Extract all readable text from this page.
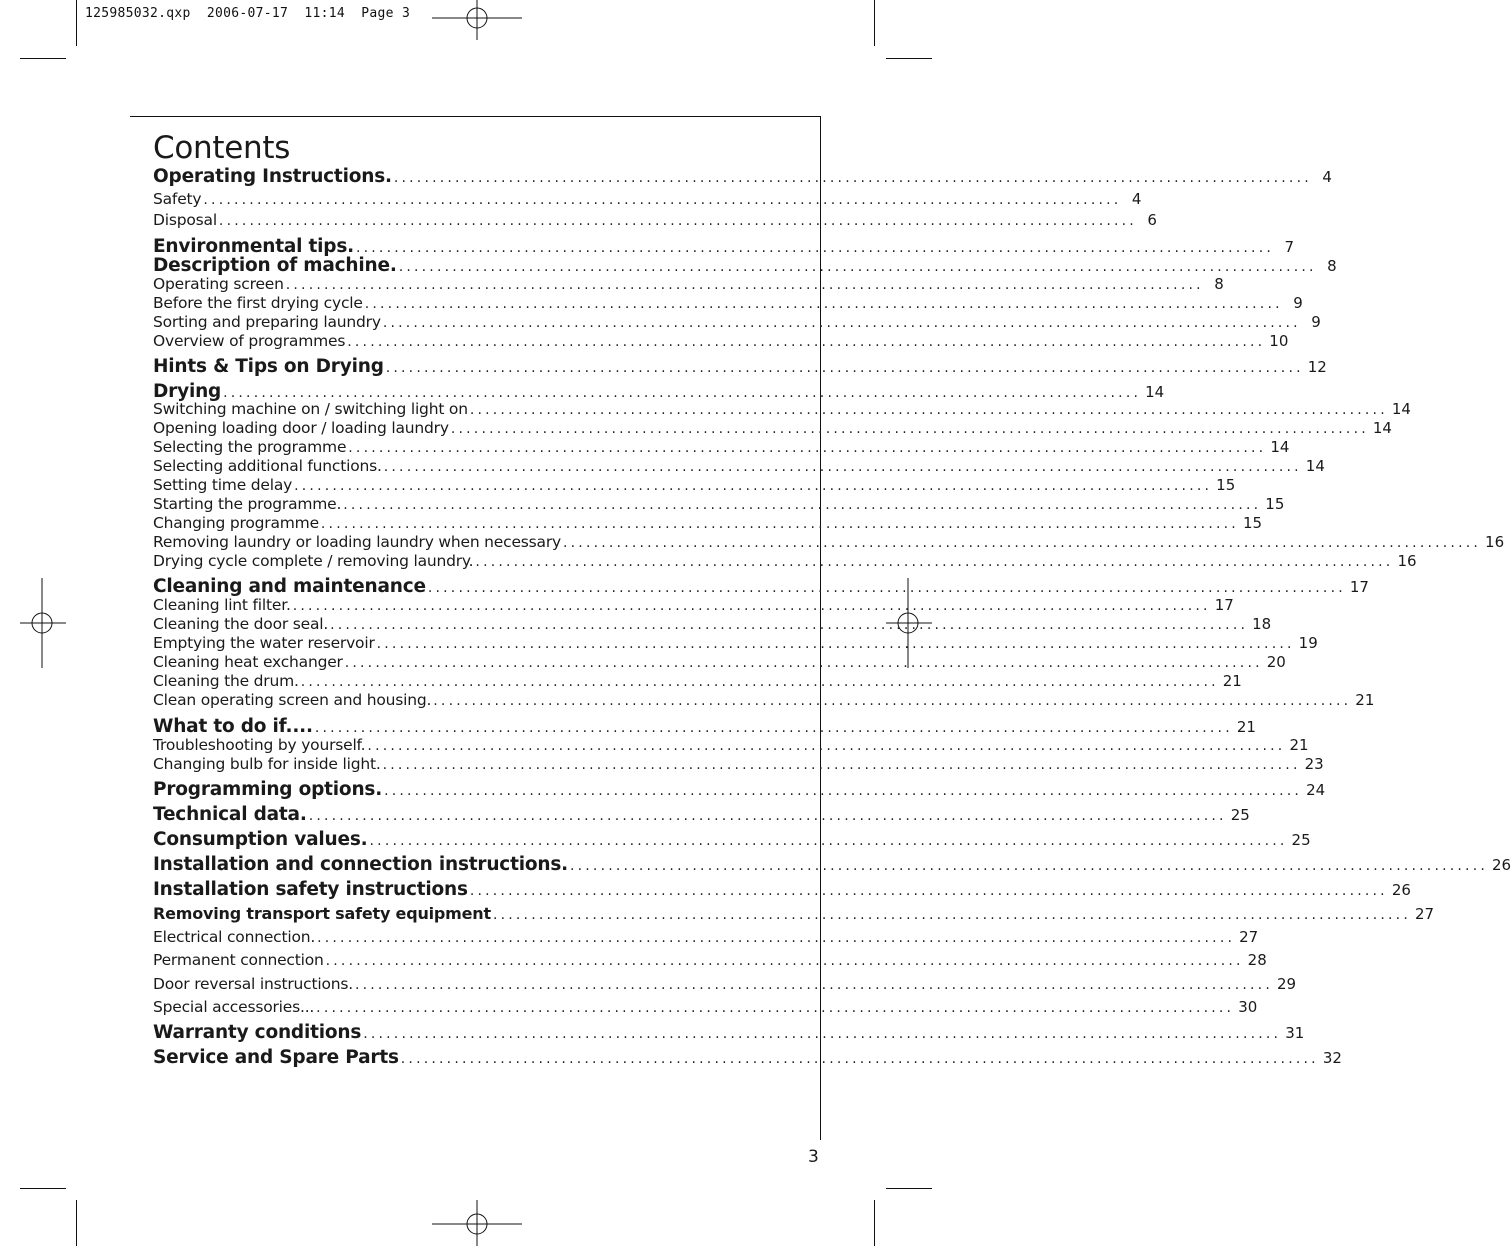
125985032.qxp  2006-07-17  11:14  Page 3
Contents
Operating Instructions. ........................................................................................................................ 4
Safety ........................................................................................................................ 4
Disposal ........................................................................................................................ 6
Environmental tips. ........................................................................................................................ 7
Description of machine. ........................................................................................................................ 8
Operating screen ........................................................................................................................ 8
Before the first drying cycle ........................................................................................................................ 9
Sorting and preparing laundry ........................................................................................................................ 9
Overview of programmes ........................................................................................................................ 10
Hints & Tips on Drying ........................................................................................................................ 12
Drying ........................................................................................................................ 14
Switching machine on / switching light on ........................................................................................................................ 14
Opening loading door / loading laundry ........................................................................................................................ 14
Selecting the programme ........................................................................................................................ 14
Selecting additional functions. ........................................................................................................................ 14
Setting time delay ........................................................................................................................ 15
Starting the programme. ........................................................................................................................ 15
Changing programme ........................................................................................................................ 15
Removing laundry or loading laundry when necessary ........................................................................................................................ 16
Drying cycle complete / removing laundry. ........................................................................................................................ 16
Cleaning and maintenance ........................................................................................................................ 17
Cleaning lint filter. ........................................................................................................................ 17
Cleaning the door seal. ........................................................................................................................ 18
Emptying the water reservoir ........................................................................................................................ 19
Cleaning heat exchanger ........................................................................................................................ 20
Cleaning the drum. ........................................................................................................................ 21
Clean operating screen and housing. ........................................................................................................................ 21
What to do if.... ........................................................................................................................ 21
Troubleshooting by yourself. ........................................................................................................................ 21
Changing bulb for inside light. ........................................................................................................................ 23
Programming options. ........................................................................................................................ 24
Technical data. ........................................................................................................................ 25
Consumption values. ........................................................................................................................ 25
Installation and connection instructions. ........................................................................................................................ 26
Installation safety instructions ........................................................................................................................ 26
Removing transport safety equipment ........................................................................................................................ 27
Electrical connection. ........................................................................................................................ 27
Permanent connection ........................................................................................................................ 28
Door reversal instructions. ........................................................................................................................ 29
Special accessories... ........................................................................................................................ 30
Warranty conditions ........................................................................................................................ 31
Service and Spare Parts ........................................................................................................................ 32
3
